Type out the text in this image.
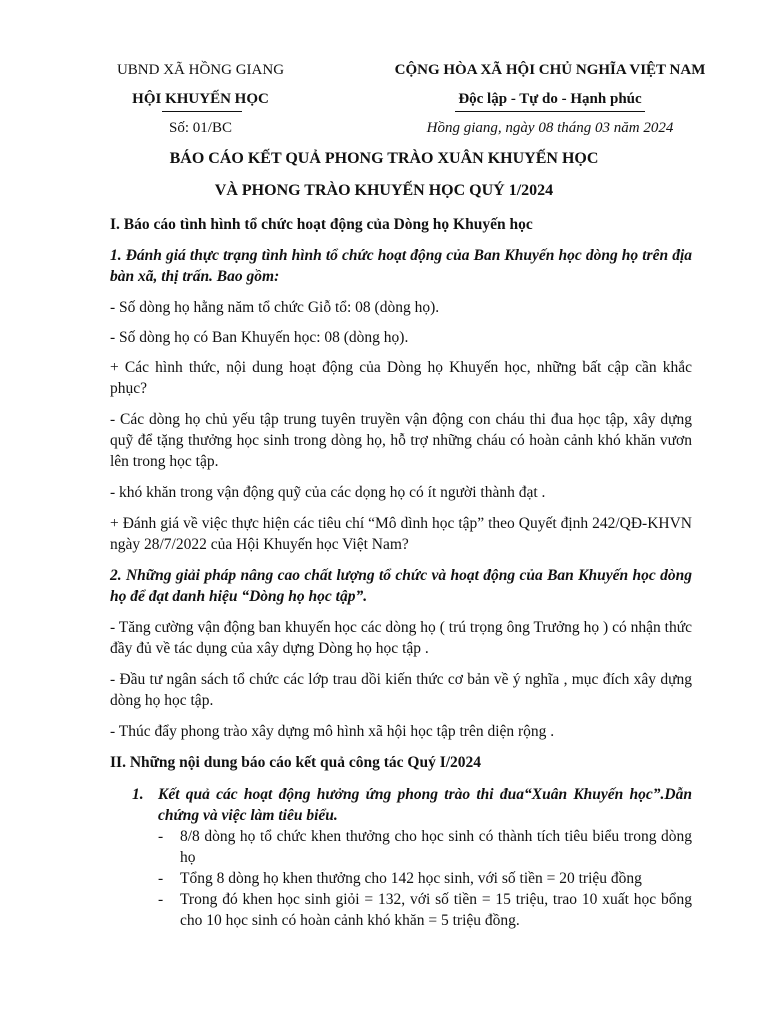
UBND XÃ HỒNG GIANG
HỘI KHUYẾN HỌC
Số: 01/BC
CỘNG HÒA XÃ HỘI CHỦ NGHĨA VIỆT NAM
Độc lập - Tự do - Hạnh phúc
Hồng giang, ngày 08 tháng 03 năm 2024
BÁO CÁO KẾT QUẢ PHONG TRÀO XUÂN KHUYẾN HỌC
VÀ PHONG TRÀO KHUYẾN HỌC QUÝ 1/2024

I. Báo cáo tình hình tổ chức hoạt động của Dòng họ Khuyến học

1. Đánh giá thực trạng tình hình tổ chức hoạt động của Ban Khuyến học dòng họ trên địa bàn xã, thị trấn. Bao gồm:

- Số dòng họ hằng năm tổ chức Giỗ tổ: 08 (dòng họ).

- Số dòng họ có Ban Khuyến học: 08 (dòng họ).

+ Các hình thức, nội dung hoạt động của Dòng họ Khuyến học, những bất cập cần khắc phục?

- Các dòng họ chủ yếu tập trung tuyên truyền vận động con cháu thi đua học tập, xây dựng quỹ để tặng thưởng học sinh trong dòng họ, hỗ trợ những cháu có hoàn cảnh khó khăn vươn lên trong học tập.

- khó khăn trong vận động quỹ của các dọng họ có ít người thành đạt .

+ Đánh giá về việc thực hiện các tiêu chí “Mô dình học tập” theo Quyết định 242/QĐ-KHVN ngày 28/7/2022 của Hội Khuyến học Việt Nam?

2. Những giải pháp nâng cao chất lượng tổ chức và hoạt động của Ban Khuyến học dòng họ để đạt danh hiệu “Dòng họ học tập”.

- Tăng cường vận động ban khuyến học các dòng họ ( trú trọng ông Trưởng họ ) có nhận thức đầy đủ về tác dụng của xây dựng Dòng họ học tập .

- Đầu tư ngân sách tổ chức các lớp trau dồi kiến thức cơ bản về ý nghĩa , mục đích xây dựng dòng họ học tập.

- Thúc đẩy phong trào xây dựng mô hình xã hội học tập trên diện rộng .

II. Những nội dung báo cáo kết quả công tác Quý I/2024

1. Kết quả các hoạt động hưởng ứng phong trào thi đua“Xuân Khuyến học”.Dẫn chứng và việc làm tiêu biểu.
- 8/8 dòng họ tổ chức khen thưởng cho học sinh có thành tích tiêu biểu trong dòng họ
- Tổng 8 dòng họ khen thưởng cho 142 học sinh, với số tiền = 20 triệu đồng
- Trong đó khen học sinh giỏi = 132, với số tiền = 15 triệu, trao 10 xuất học bổng cho 10 học sinh có hoàn cảnh khó khăn = 5 triệu đồng.
